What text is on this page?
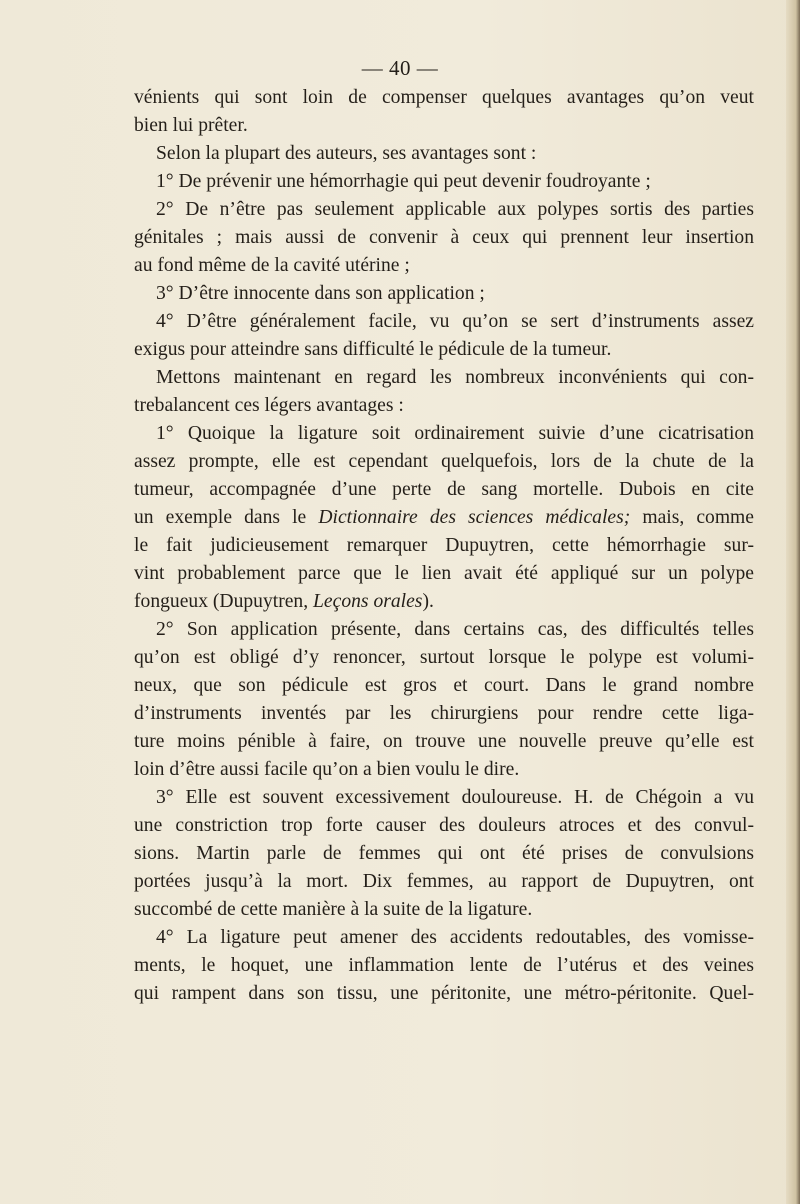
— 40 —
vénients qui sont loin de compenser quelques avantages qu’on veut
bien lui prêter.
Selon la plupart des auteurs, ses avantages sont :
1° De prévenir une hémorrhagie qui peut devenir foudroyante ;
2° De n’être pas seulement applicable aux polypes sortis des parties
génitales ; mais aussi de convenir à ceux qui prennent leur insertion
au fond même de la cavité utérine ;
3° D’être innocente dans son application ;
4° D’être généralement facile, vu qu’on se sert d’instruments assez
exigus pour atteindre sans difficulté le pédicule de la tumeur.
Mettons maintenant en regard les nombreux inconvénients qui con-
trebalancent ces légers avantages :
1° Quoique la ligature soit ordinairement suivie d’une cicatrisation
assez prompte, elle est cependant quelquefois, lors de la chute de la
tumeur, accompagnée d’une perte de sang mortelle. Dubois en cite
un exemple dans le Dictionnaire des sciences médicales; mais, comme
le fait judicieusement remarquer Dupuytren, cette hémorrhagie sur-
vint probablement parce que le lien avait été appliqué sur un polype
fongueux (Dupuytren, Leçons orales).
2° Son application présente, dans certains cas, des difficultés telles
qu’on est obligé d’y renoncer, surtout lorsque le polype est volumi-
neux, que son pédicule est gros et court. Dans le grand nombre
d’instruments inventés par les chirurgiens pour rendre cette liga-
ture moins pénible à faire, on trouve une nouvelle preuve qu’elle est
loin d’être aussi facile qu’on a bien voulu le dire.
3° Elle est souvent excessivement douloureuse. H. de Chégoin a vu
une constriction trop forte causer des douleurs atroces et des convul-
sions. Martin parle de femmes qui ont été prises de convulsions
portées jusqu’à la mort. Dix femmes, au rapport de Dupuytren, ont
succombé de cette manière à la suite de la ligature.
4° La ligature peut amener des accidents redoutables, des vomisse-
ments, le hoquet, une inflammation lente de l’utérus et des veines
qui rampent dans son tissu, une péritonite, une métro-péritonite. Quel-
